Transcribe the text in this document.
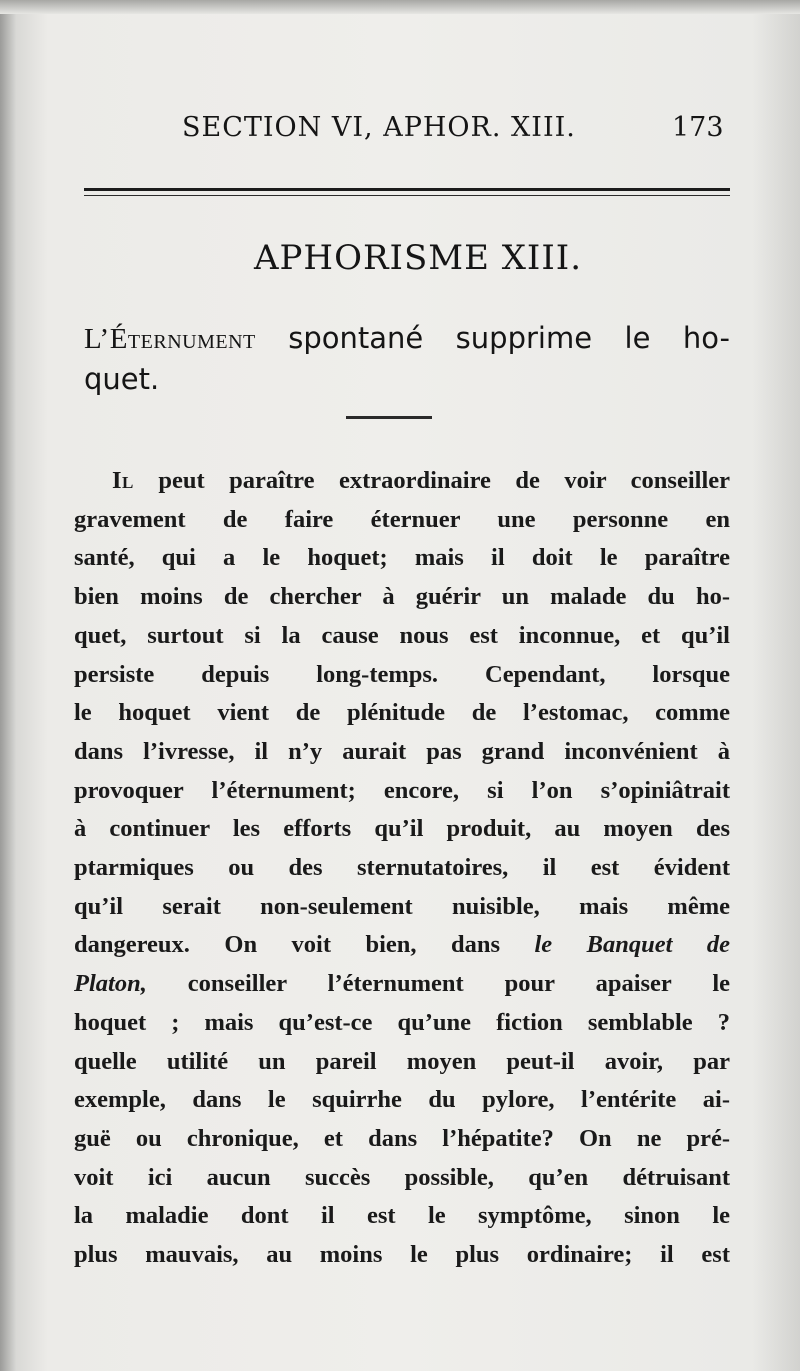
SECTION VI, APHOR. XIII.	173
APHORISME XIII.
L’Éternument spontané supprime le ho-
quet.
Il peut paraître extraordinaire de voir conseiller
gravement de faire éternuer une personne en
santé, qui a le hoquet; mais il doit le paraître
bien moins de chercher à guérir un malade du ho-
quet, surtout si la cause nous est inconnue, et qu’il
persiste depuis long-temps. Cependant, lorsque
le hoquet vient de plénitude de l’estomac, comme
dans l’ivresse, il n’y aurait pas grand inconvénient à
provoquer l’éternument; encore, si l’on s’opiniâtrait
à continuer les efforts qu’il produit, au moyen des
ptarmiques ou des sternutatoires, il est évident
qu’il serait non-seulement nuisible, mais même
dangereux. On voit bien, dans le Banquet de
Platon, conseiller l’éternument pour apaiser le
hoquet ; mais qu’est-ce qu’une fiction semblable ?
quelle utilité un pareil moyen peut-il avoir, par
exemple, dans le squirrhe du pylore, l’entérite ai-
guë ou chronique, et dans l’hépatite? On ne pré-
voit ici aucun succès possible, qu’en détruisant
la maladie dont il est le symptôme, sinon le
plus mauvais, au moins le plus ordinaire; il est
